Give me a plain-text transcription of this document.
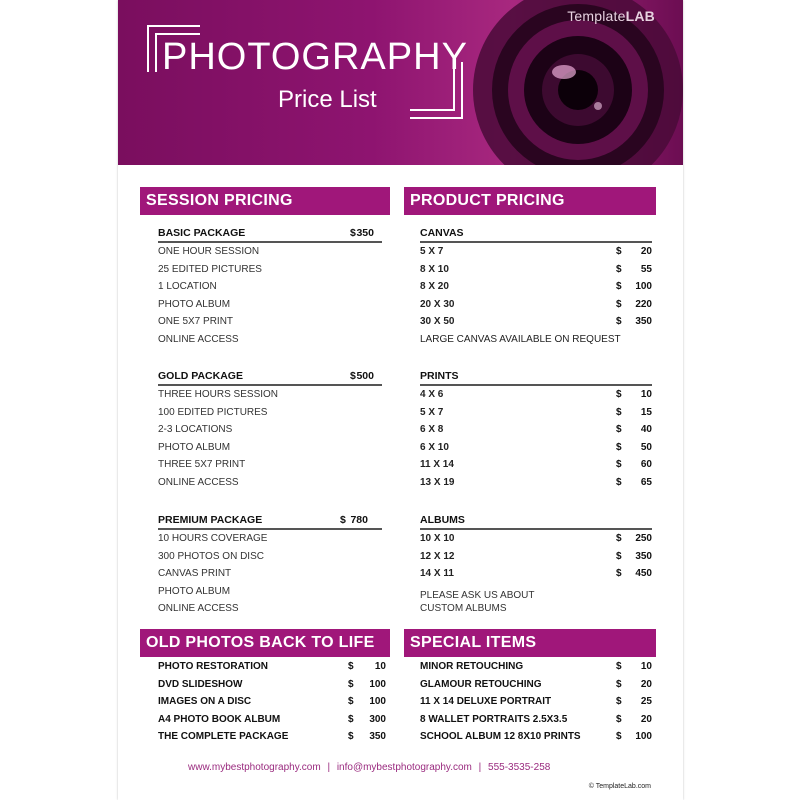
TemplateLAB
PHOTOGRAPHY
Price List
SESSION PRICING	PRODUCT PRICING
BASIC PACKAGE	$ 350
ONE HOUR SESSION
25 EDITED PICTURES
1 LOCATION
PHOTO ALBUM
ONE 5X7 PRINT
ONLINE ACCESS
GOLD PACKAGE	$ 500
THREE HOURS SESSION
100 EDITED PICTURES
2-3 LOCATIONS
PHOTO ALBUM
THREE 5X7 PRINT
ONLINE ACCESS
PREMIUM PACKAGE	$ 780
10 HOURS COVERAGE
300 PHOTOS ON DISC
CANVAS PRINT
PHOTO ALBUM
ONLINE ACCESS
CANVAS
5 X 7	$ 20
8 X 10	$ 55
8 X 20	$ 100
20 X 30	$ 220
30 X 50	$ 350
LARGE CANVAS AVAILABLE ON REQUEST
PRINTS
4 X 6	$ 10
5 X 7	$ 15
6 X 8	$ 40
6 X 10	$ 50
11 X 14	$ 60
13 X 19	$ 65
ALBUMS
10 X 10	$ 250
12 X 12	$ 350
14 X 11	$ 450
PLEASE ASK US ABOUT
CUSTOM ALBUMS
OLD PHOTOS BACK TO LIFE	SPECIAL ITEMS
PHOTO RESTORATION	$ 10
DVD SLIDESHOW	$ 100
IMAGES ON A DISC	$ 100
A4 PHOTO BOOK ALBUM	$ 300
THE COMPLETE PACKAGE	$ 350
MINOR RETOUCHING	$ 10
GLAMOUR RETOUCHING	$ 20
11 X 14 DELUXE PORTRAIT	$ 25
8 WALLET PORTRAITS 2.5X3.5	$ 20
SCHOOL ALBUM 12 8X10 PRINTS	$ 100
www.mybestphotography.com | info@mybestphotography.com | 555-3535-258
© TemplateLab.com
